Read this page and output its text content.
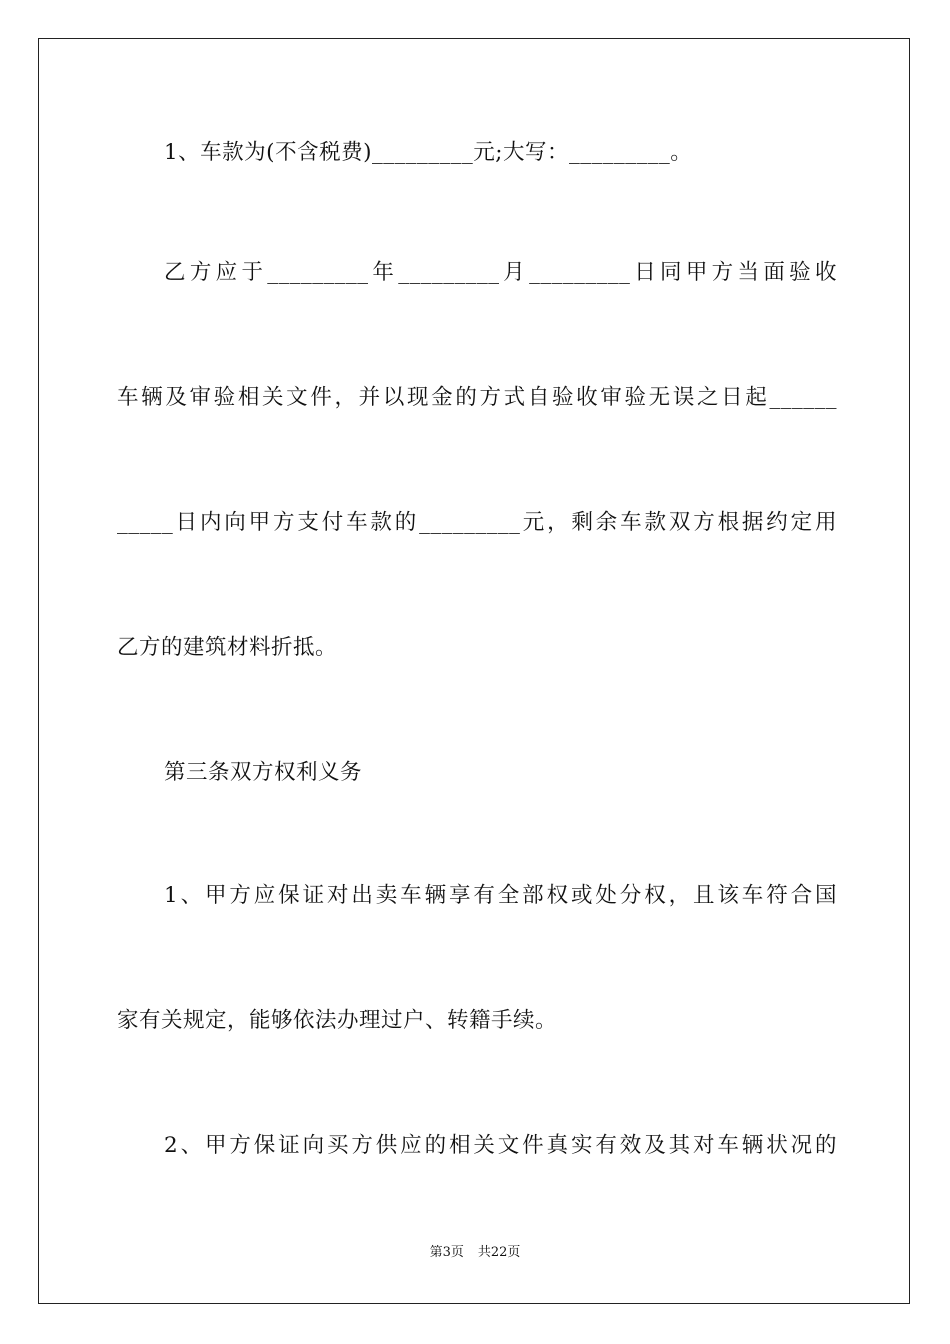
1、车款为(不含税费)_________元;大写：_________。
乙方应于_________年_________月_________日同甲方当面验收
车辆及审验相关文件，并以现金的方式自验收审验无误之日起______
_____日内向甲方支付车款的_________元，剩余车款双方根据约定用
乙方的建筑材料折抵。
第三条双方权利义务
1、甲方应保证对出卖车辆享有全部权或处分权，且该车符合国
家有关规定，能够依法办理过户、转籍手续。
2、甲方保证向买方供应的相关文件真实有效及其对车辆状况的
第3页 共22页
